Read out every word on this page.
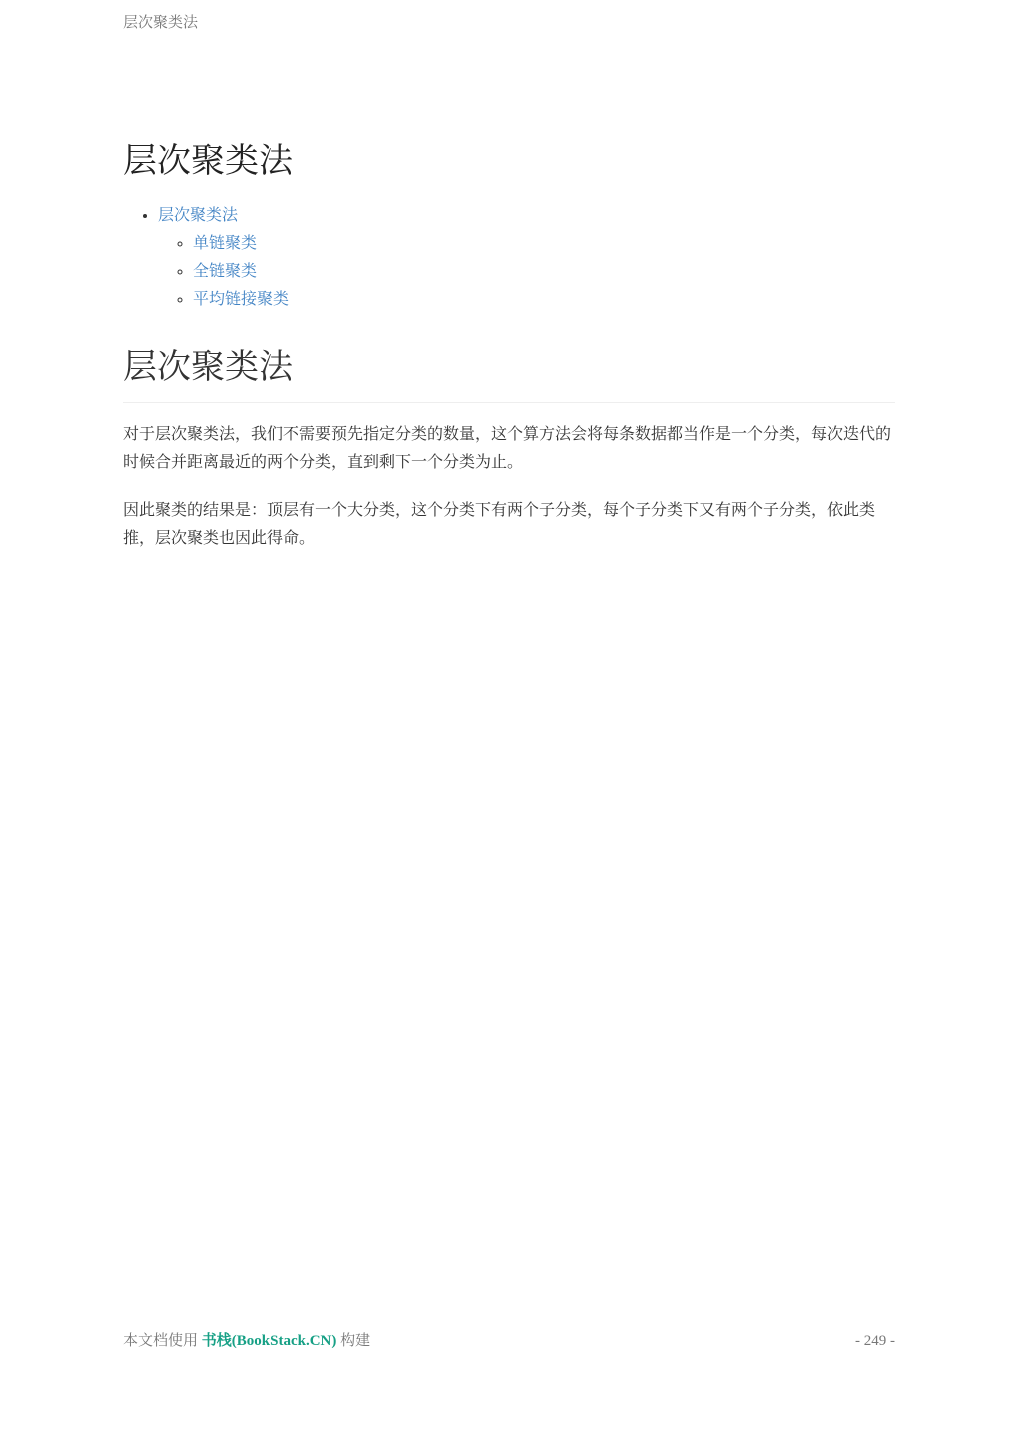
层次聚类法
层次聚类法
• 层次聚类法
◦ 单链聚类
◦ 全链聚类
◦ 平均链接聚类
层次聚类法

对于层次聚类法，我们不需要预先指定分类的数量，这个算方法会将每条数据都当作是一个分类，每次迭代的时候合并距离最近的两个分类，直到剩下一个分类为止。

因此聚类的结果是：顶层有一个大分类，这个分类下有两个子分类，每个子分类下又有两个子分类，依此类推，层次聚类也因此得命。

本文档使用 书栈(BookStack.CN) 构建	- 249 -
